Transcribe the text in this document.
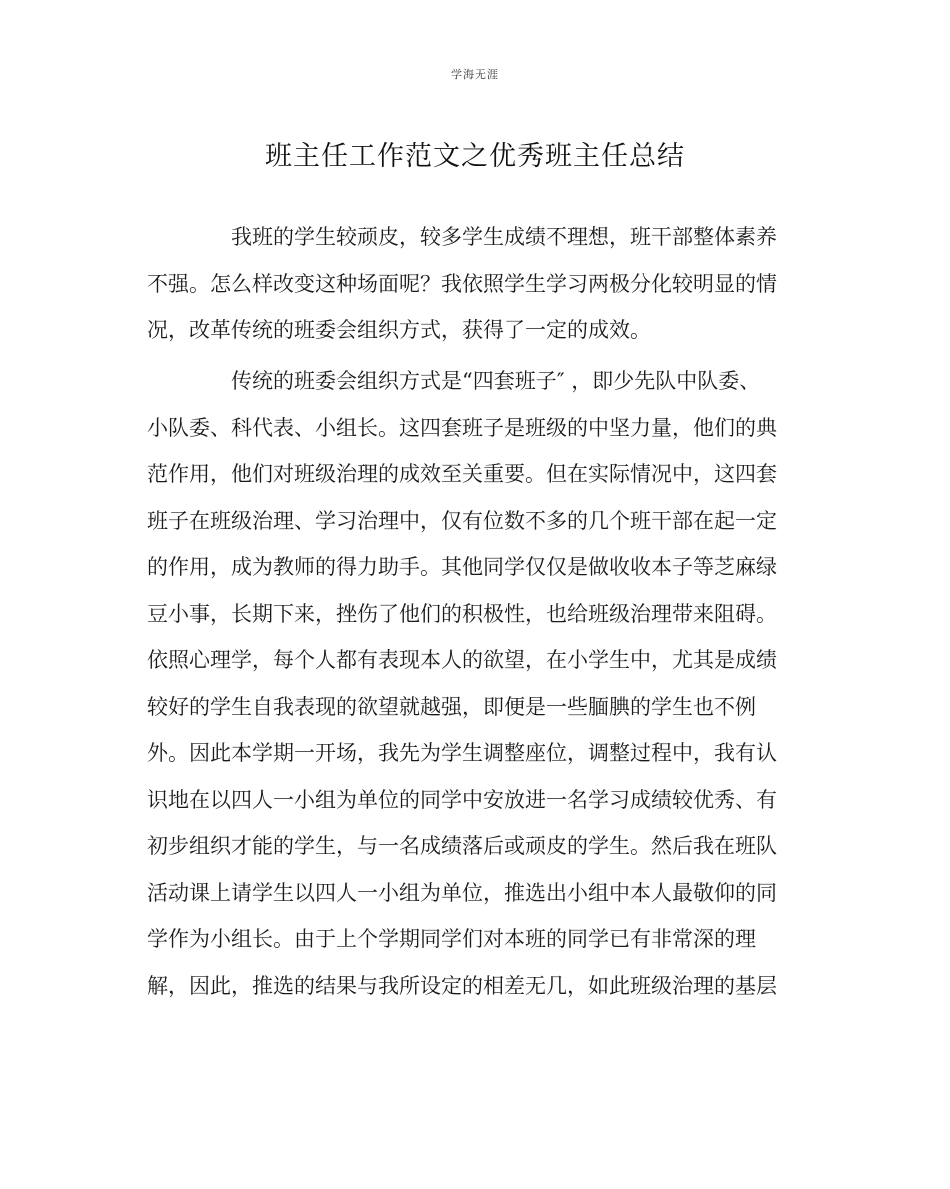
学海无涯
班主任工作范文之优秀班主任总结
我班的学生较顽皮，较多学生成绩不理想，班干部整体素养
不强。怎么样改变这种场面呢？我依照学生学习两极分化较明显的情
况，改革传统的班委会组织方式，获得了一定的成效。
传统的班委会组织方式是“四套班子″ ，即少先队中队委、
小队委、科代表、小组长。这四套班子是班级的中坚力量，他们的典
范作用，他们对班级治理的成效至关重要。但在实际情况中，这四套
班子在班级治理、学习治理中，仅有位数不多的几个班干部在起一定
的作用，成为教师的得力助手。其他同学仅仅是做收收本子等芝麻绿
豆小事，长期下来，挫伤了他们的积极性，也给班级治理带来阻碍。
依照心理学，每个人都有表现本人的欲望，在小学生中，尤其是成绩
较好的学生自我表现的欲望就越强，即便是一些腼腆的学生也不例
外。因此本学期一开场，我先为学生调整座位，调整过程中，我有认
识地在以四人一小组为单位的同学中安放进一名学习成绩较优秀、有
初步组织才能的学生，与一名成绩落后或顽皮的学生。然后我在班队
活动课上请学生以四人一小组为单位，推选出小组中本人最敬仰的同
学作为小组长。由于上个学期同学们对本班的同学已有非常深的理
解，因此，推选的结果与我所设定的相差无几，如此班级治理的基层
